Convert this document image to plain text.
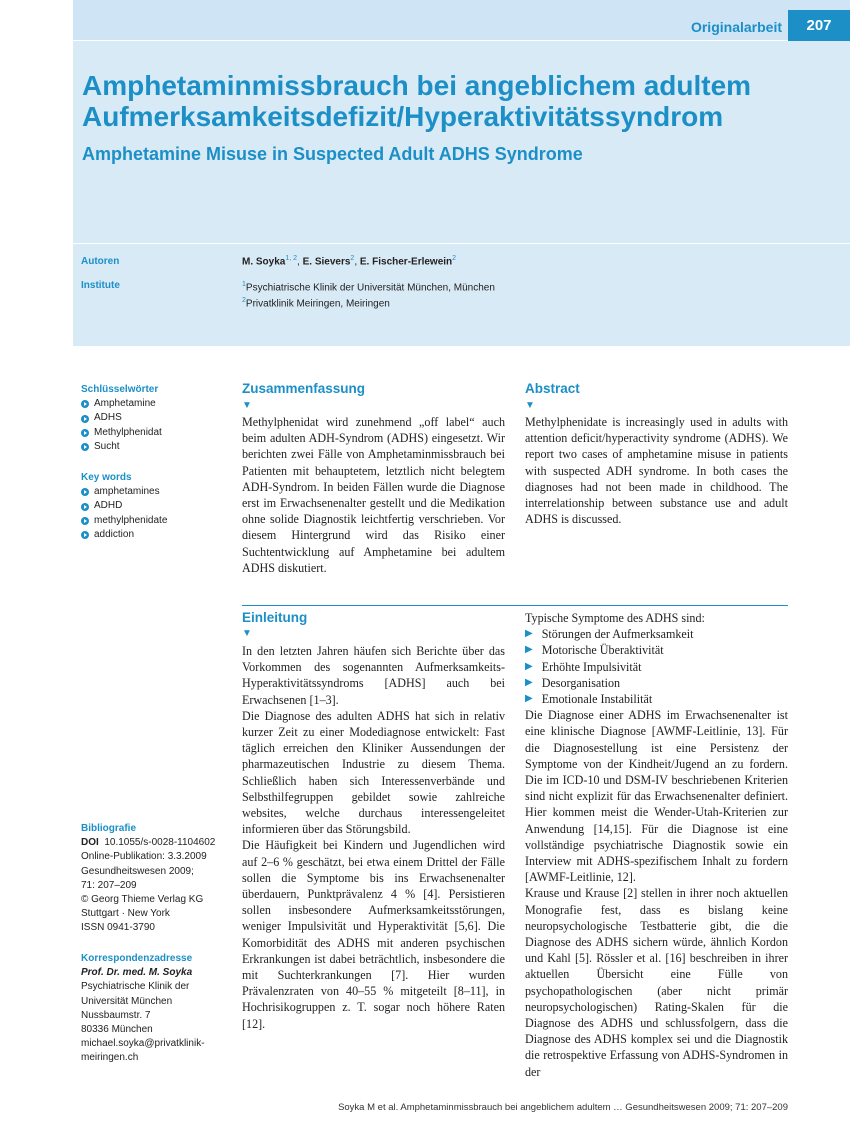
Originalarbeit	207
Amphetaminmissbrauch bei angeblichem adultem Aufmerksamkeitsdefizit/Hyperaktivitätssyndrom
Amphetamine Misuse in Suspected Adult ADHS Syndrome
Autoren	M. Soyka$^{1, 2}$, E. Sievers$^2$, E. Fischer-Erlewein$^2$
Institute	$^1$Psychiatrische Klinik der Universität München, München
$^2$Privatklinik Meiringen, Meiringen
Schlüsselwörter
Amphetamine
ADHS
Methylphenidat
Sucht
Key words
amphetamines
ADHD
methylphenidate
addiction
Bibliografie
DOI 10.1055/s-0028-1104602
Online-Publikation: 3.3.2009
Gesundheitswesen 2009;
71: 207–209
© Georg Thieme Verlag KG
Stuttgart · New York
ISSN 0941-3790
Korrespondenzadresse
Prof. Dr. med. M. Soyka
Psychiatrische Klinik der
Universität München
Nussbaumstr. 7
80336 München
michael.soyka@privatklinik-
meiringen.ch
Zusammenfassung
▼

Methylphenidat wird zunehmend „off label“ auch beim adulten ADH-Syndrom (ADHS) eingesetzt. Wir berichten zwei Fälle von Amphetaminmissbrauch bei Patienten mit behauptetem, letztlich nicht belegtem ADH-Syndrom. In beiden Fällen wurde die Diagnose erst im Erwachsenenalter gestellt und die Medikation ohne solide Diagnostik leichtfertig verschrieben. Vor diesem Hintergrund wird das Risiko einer Suchtentwicklung auf Amphetamine bei adultem ADHS diskutiert.

Abstract
▼

Methylphenidate is increasingly used in adults with attention deficit/hyperactivity syndrome (ADHS). We report two cases of amphetamine misuse in patients with suspected ADH syndrome. In both cases the diagnoses had not been made in childhood. The interrelationship between substance use and adult ADHS is discussed.

Einleitung
▼

In den letzten Jahren häufen sich Berichte über das Vorkommen des sogenannten Aufmerksamkeits-Hyperaktivitätssyndroms [ADHS] auch bei Erwachsenen [1–3].

Die Diagnose des adulten ADHS hat sich in relativ kurzer Zeit zu einer Modediagnose entwickelt: Fast täglich erreichen den Kliniker Aussendungen der pharmazeutischen Industrie zu diesem Thema. Schließlich haben sich Interessenverbände und Selbsthilfegruppen gebildet sowie zahlreiche websites, welche durchaus interessengeleitet informieren über das Störungsbild.

Die Häufigkeit bei Kindern und Jugendlichen wird auf 2–6 % geschätzt, bei etwa einem Drittel der Fälle sollen die Symptome bis ins Erwachsenenalter überdauern, Punktprävalenz 4 % [4]. Persistieren sollen insbesondere Aufmerksamkeitsstörungen, weniger Impulsivität und Hyperaktivität [5,6]. Die Komorbidität des ADHS mit anderen psychischen Erkrankungen ist dabei beträchtlich, insbesondere die mit Suchterkrankungen [7]. Hier wurden Prävalenzraten von 40–55 % mitgeteilt [8–11], in Hochrisikogruppen z. T. sogar noch höhere Raten [12].

Typische Symptome des ADHS sind:

▶ Störungen der Aufmerksamkeit
▶ Motorische Überaktivität
▶ Erhöhte Impulsivität
▶ Desorganisation
▶ Emotionale Instabilität

Die Diagnose einer ADHS im Erwachsenenalter ist eine klinische Diagnose [AWMF-Leitlinie, 13]. Für die Diagnosestellung ist eine Persistenz der Symptome von der Kindheit/Jugend an zu fordern. Die im ICD-10 und DSM-IV beschriebenen Kriterien sind nicht explizit für das Erwachsenenalter definiert. Hier kommen meist die Wender-Utah-Kriterien zur Anwendung [14,15]. Für die Diagnose ist eine vollständige psychiatrische Diagnostik sowie ein Interview mit ADHS-spezifischem Inhalt zu fordern [AWMF-Leitlinie, 12].

Krause und Krause [2] stellen in ihrer noch aktuellen Monografie fest, dass es bislang keine neuropsychologische Testbatterie gibt, die die Diagnose des ADHS sichern würde, ähnlich Kordon und Kahl [5]. Rössler et al. [16] beschreiben in ihrer aktuellen Übersicht eine Fülle von psychopathologischen (aber nicht primär neuropsychologischen) Rating-Skalen für die Diagnose des ADHS und schlussfolgern, dass die Diagnose des ADHS komplex sei und die Diagnostik die retrospektive Erfassung von ADHS-Syndromen in der

Soyka M et al. Amphetaminmissbrauch bei angeblichem adultem … Gesundheitswesen 2009; 71: 207–209
